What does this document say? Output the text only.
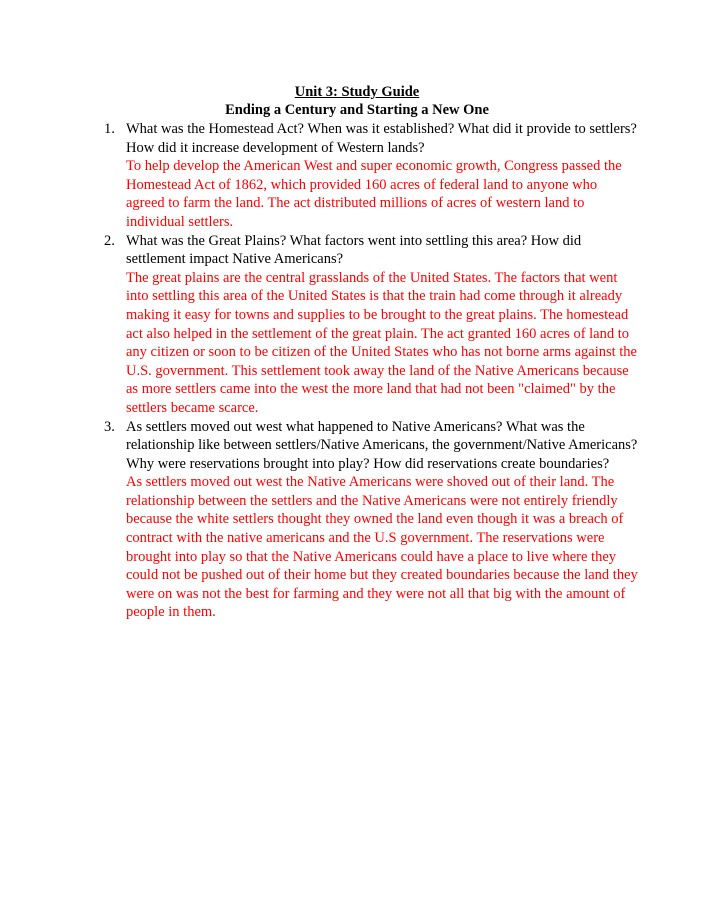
Unit 3: Study Guide
Ending a Century and Starting a New One
1. What was the Homestead Act? When was it established? What did it provide to settlers? How did it increase development of Western lands?
To help develop the American West and super economic growth, Congress passed the Homestead Act of 1862, which provided 160 acres of federal land to anyone who agreed to farm the land. The act distributed millions of acres of western land to individual settlers.
2. What was the Great Plains? What factors went into settling this area? How did settlement impact Native Americans?
The great plains are the central grasslands of the United States. The factors that went into settling this area of the United States is that the train had come through it already making it easy for towns and supplies to be brought to the great plains. The homestead act also helped in the settlement of the great plain. The act granted 160 acres of land to any citizen or soon to be citizen of the United States who has not borne arms against the U.S. government. This settlement took away the land of the Native Americans because as more settlers came into the west the more land that had not been "claimed" by the settlers became scarce.
3. As settlers moved out west what happened to Native Americans? What was the relationship like between settlers/Native Americans, the government/Native Americans? Why were reservations brought into play? How did reservations create boundaries?
As settlers moved out west the Native Americans were shoved out of their land. The relationship between the settlers and the Native Americans were not entirely friendly because the white settlers thought they owned the land even though it was a breach of contract with the native americans and the U.S government. The reservations were brought into play so that the Native Americans could have a place to live where they could not be pushed out of their home but they created boundaries because the land they were on was not the best for farming and they were not all that big with the amount of people in them.
